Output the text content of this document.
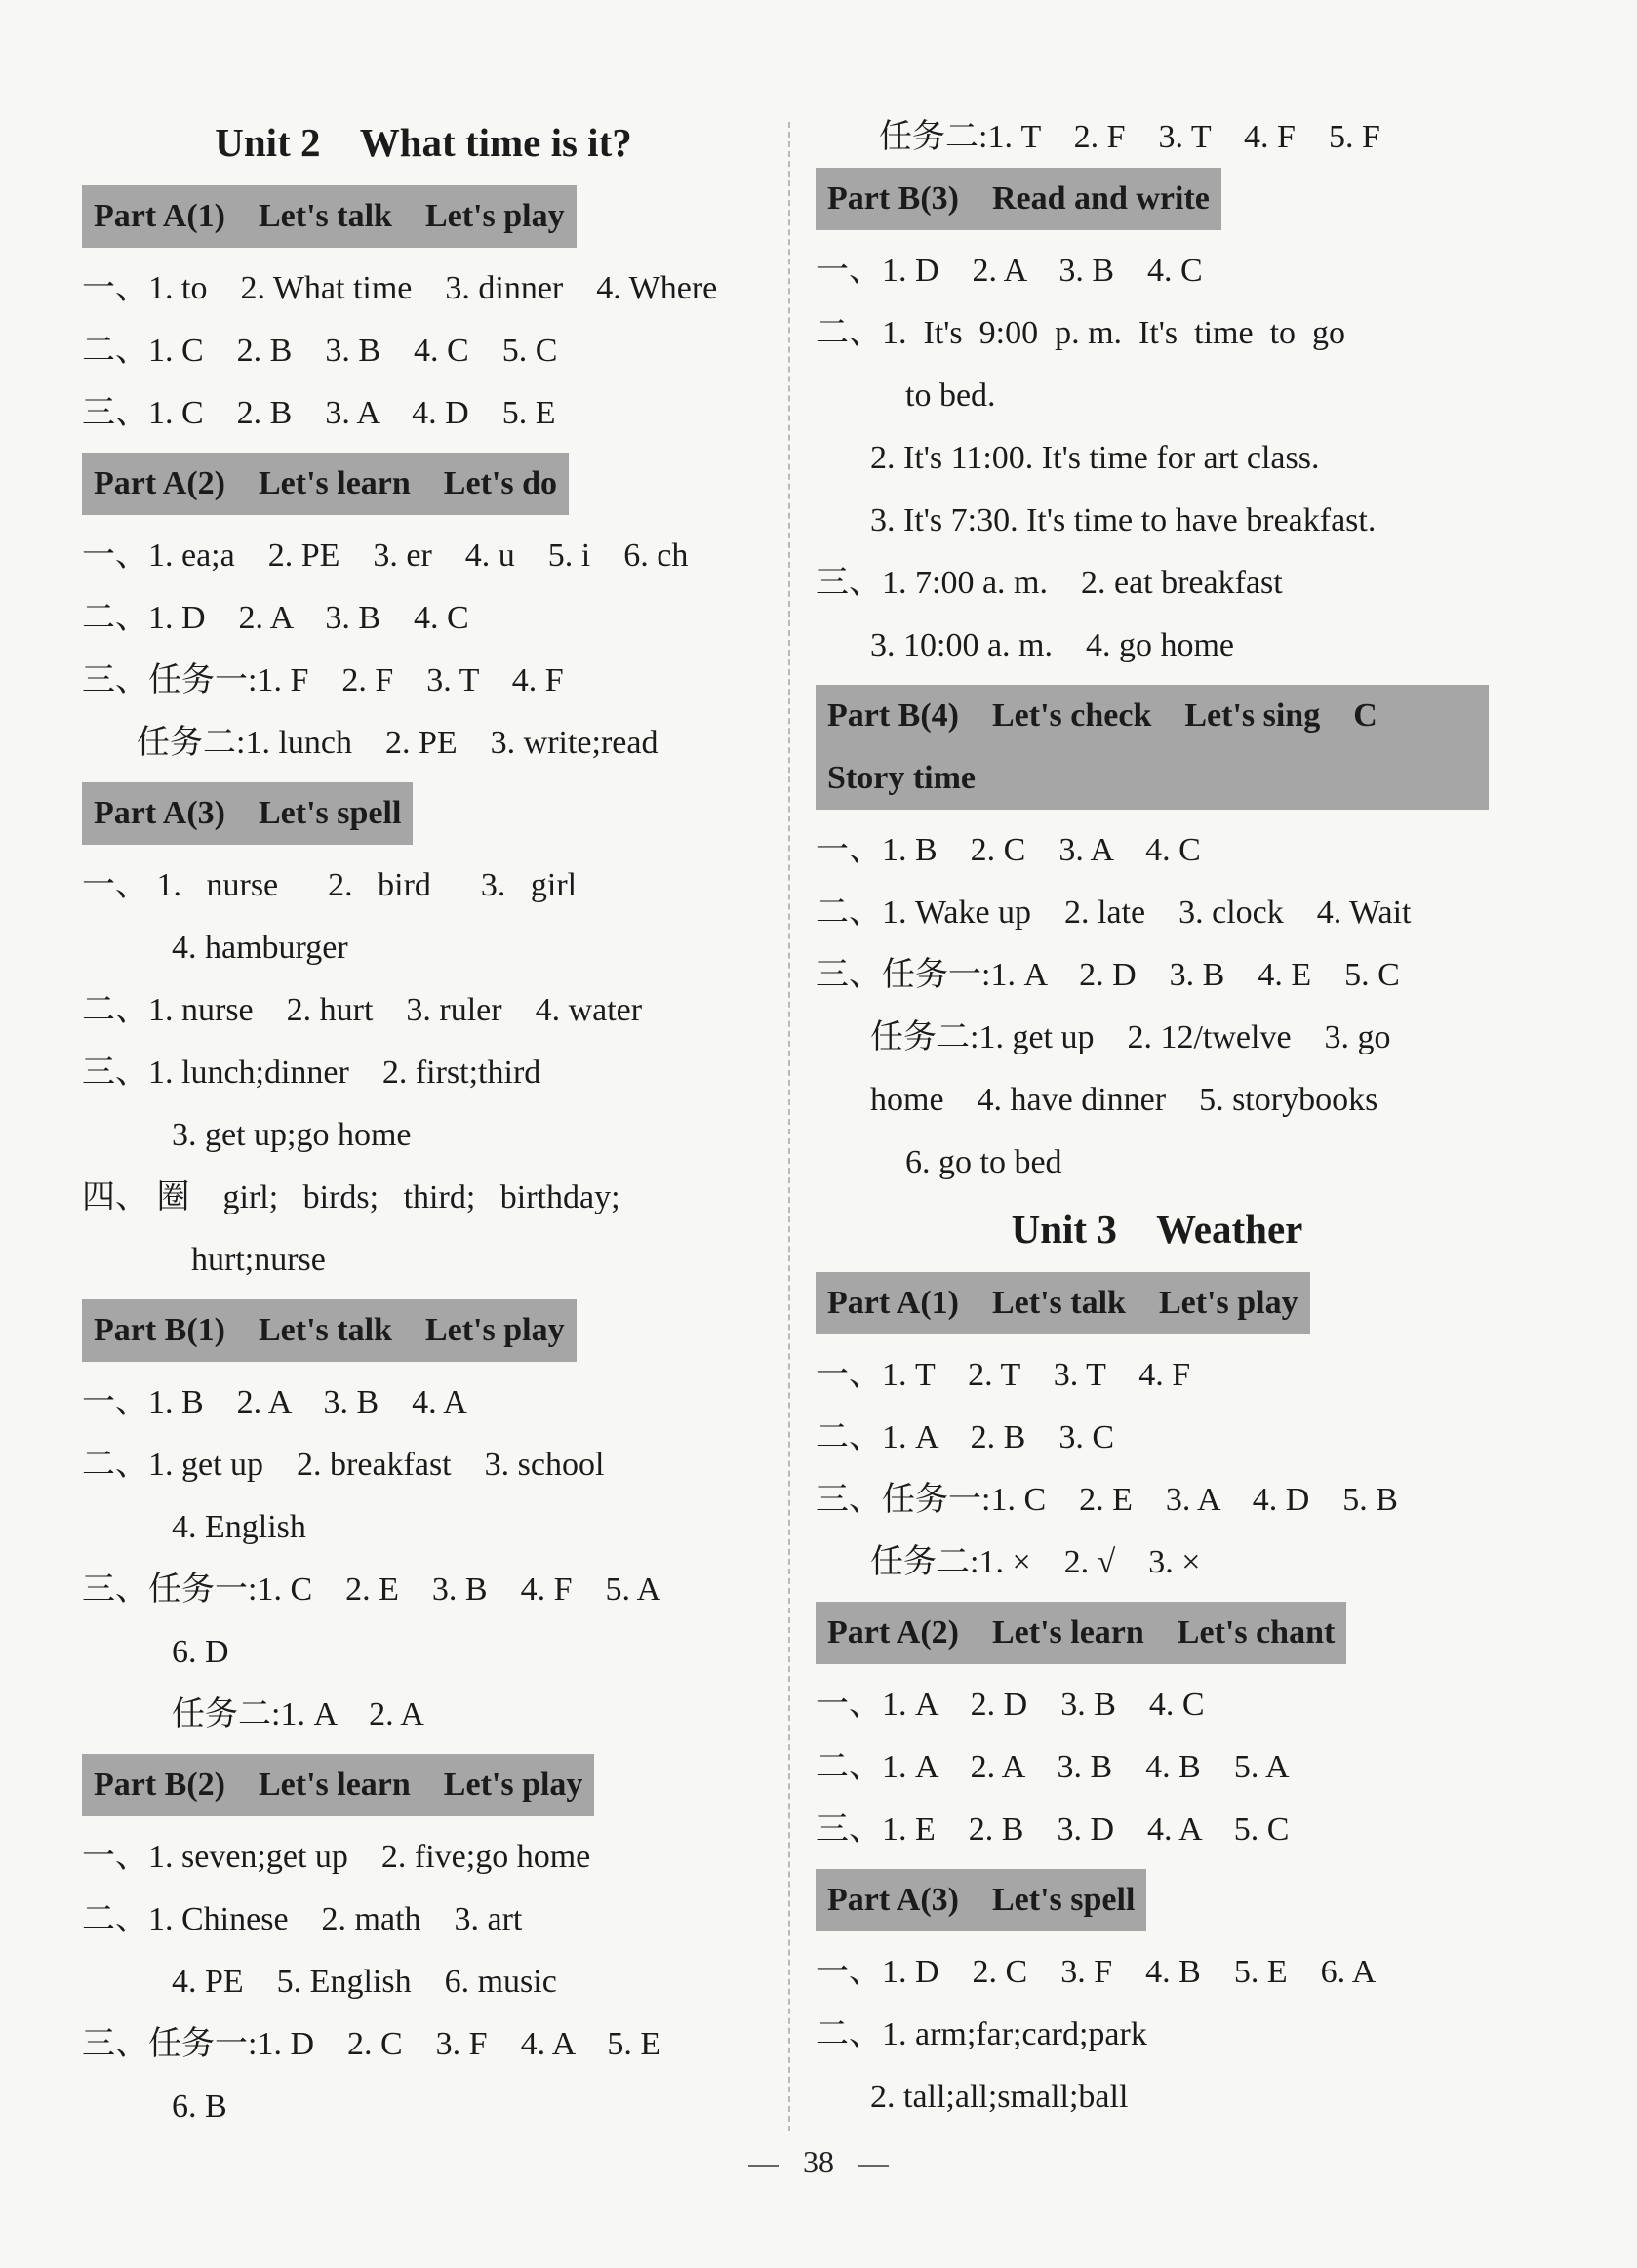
Unit 2    What time is it?
Part A(1)    Let's talk    Let's play
一、1. to    2. What time    3. dinner    4. Where
二、1. C    2. B    3. B    4. C    5. C
三、1. C    2. B    3. A    4. D    5. E
Part A(2)    Let's learn    Let's do
一、1. ea;a    2. PE    3. er    4. u    5. i    6. ch
二、1. D    2. A    3. B    4. C
三、任务一:1. F    2. F    3. T    4. F
任务二:1. lunch    2. PE    3. write;read
Part A(3)    Let's spell
一、 1.   nurse      2.   bird      3.   girl
4. hamburger
二、1. nurse    2. hurt    3. ruler    4. water
三、1. lunch;dinner    2. first;third
3. get up;go home
四、 圈    girl;   birds;   third;   birthday;
hurt;nurse
Part B(1)    Let's talk    Let's play
一、1. B    2. A    3. B    4. A
二、1. get up    2. breakfast    3. school
4. English
三、任务一:1. C    2. E    3. B    4. F    5. A
6. D
任务二:1. A    2. A
Part B(2)    Let's learn    Let's play
一、1. seven;get up    2. five;go home
二、1. Chinese    2. math    3. art
4. PE    5. English    6. music
三、任务一:1. D    2. C    3. F    4. A    5. E
6. B
任务二:1. T    2. F    3. T    4. F    5. F
Part B(3)    Read and write
一、1. D    2. A    3. B    4. C
二、1.  It's  9:00  p. m.  It's  time  to  go
to bed.
2. It's 11:00. It's time for art class.
3. It's 7:30. It's time to have breakfast.
三、1. 7:00 a. m.    2. eat breakfast
3. 10:00 a. m.    4. go home
Part B(4)    Let's check    Let's sing    C
Story time
一、1. B    2. C    3. A    4. C
二、1. Wake up    2. late    3. clock    4. Wait
三、任务一:1. A    2. D    3. B    4. E    5. C
任务二:1. get up    2. 12/twelve    3. go
home    4. have dinner    5. storybooks
6. go to bed
Unit 3    Weather
Part A(1)    Let's talk    Let's play
一、1. T    2. T    3. T    4. F
二、1. A    2. B    3. C
三、任务一:1. C    2. E    3. A    4. D    5. B
任务二:1. ×    2. √    3. ×
Part A(2)    Let's learn    Let's chant
一、1. A    2. D    3. B    4. C
二、1. A    2. A    3. B    4. B    5. A
三、1. E    2. B    3. D    4. A    5. C
Part A(3)    Let's spell
一、1. D    2. C    3. F    4. B    5. E    6. A
二、1. arm;far;card;park
2. tall;all;small;ball
38
